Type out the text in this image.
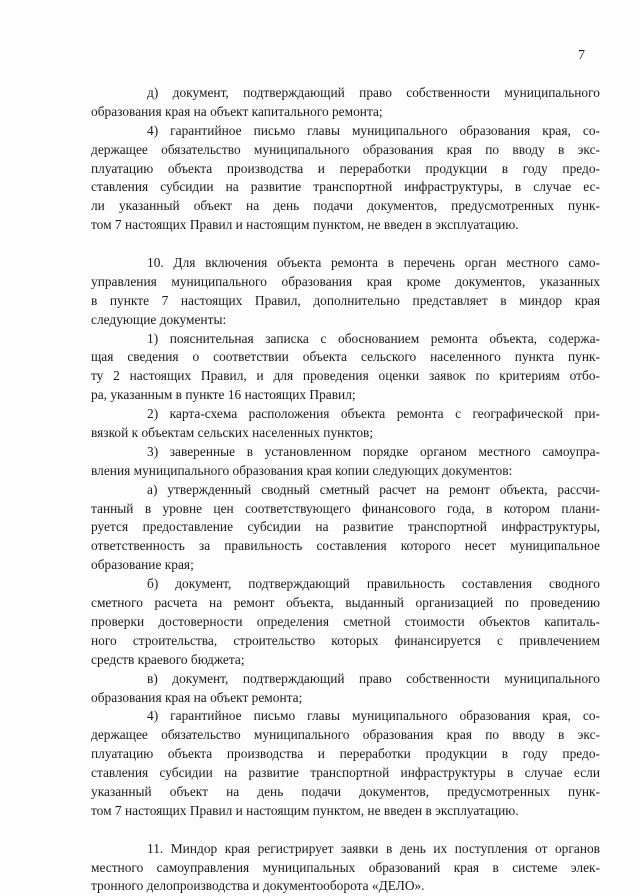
7
д) документ, подтверждающий право собственности муниципального
образования края на объект капитального ремонта;
4) гарантийное письмо главы муниципального образования края, со-
держащее обязательство муниципального образования края по вводу в экс-
плуатацию объекта производства и переработки продукции в году предо-
ставления субсидии на развитие транспортной инфраструктуры, в случае ес-
ли указанный объект на день подачи документов, предусмотренных пунк-
том 7 настоящих Правил и настоящим пунктом, не введен в эксплуатацию.
10. Для включения объекта ремонта в перечень орган местного само-
управления муниципального образования края кроме документов, указанных
в пункте 7 настоящих Правил, дополнительно представляет в миндор края
следующие документы:
1) пояснительная записка с обоснованием ремонта объекта, содержа-
щая сведения о соответствии объекта сельского населенного пункта пунк-
ту 2 настоящих Правил, и для проведения оценки заявок по критериям отбо-
ра, указанным в пункте 16 настоящих Правил;
2) карта-схема расположения объекта ремонта с географической при-
вязкой к объектам сельских населенных пунктов;
3) заверенные в установленном порядке органом местного самоупра-
вления муниципального образования края копии следующих документов:
а) утвержденный сводный сметный расчет на ремонт объекта, рассчи-
танный в уровне цен соответствующего финансового года, в котором плани-
руется предоставление субсидии на развитие транспортной инфраструктуры,
ответственность за правильность составления которого несет муниципальное
образование края;
б) документ, подтверждающий правильность составления сводного
сметного расчета на ремонт объекта, выданный организацией по проведению
проверки достоверности определения сметной стоимости объектов капиталь-
ного строительства, строительство которых финансируется с привлечением
средств краевого бюджета;
в) документ, подтверждающий право собственности муниципального
образования края на объект ремонта;
4) гарантийное письмо главы муниципального образования края, со-
держащее обязательство муниципального образования края по вводу в экс-
плуатацию объекта производства и переработки продукции в году предо-
ставления субсидии на развитие транспортной инфраструктуры в случае если
указанный объект на день подачи документов, предусмотренных пунк-
том 7 настоящих Правил и настоящим пунктом, не введен в эксплуатацию.
11. Миндор края регистрирует заявки в день их поступления от органов
местного самоуправления муниципальных образований края в системе элек-
тронного делопроизводства и документооборота «ДЕЛО».
